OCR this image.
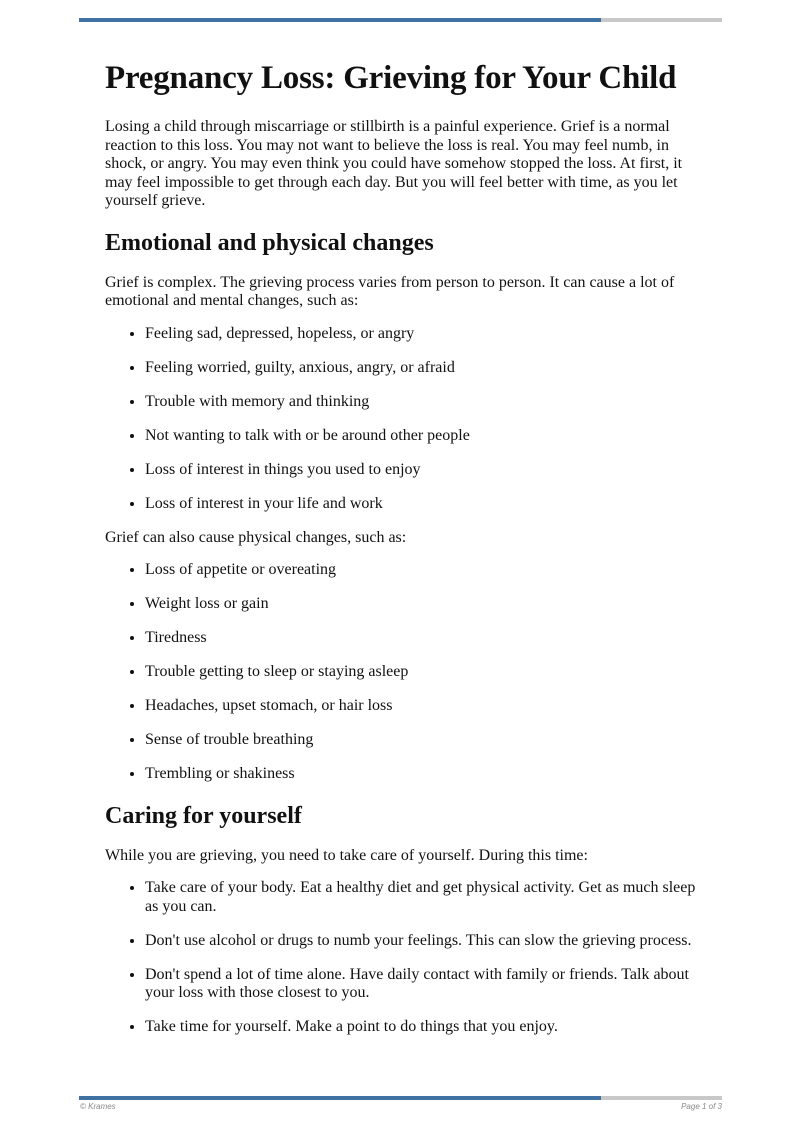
Pregnancy Loss: Grieving for Your Child

Losing a child through miscarriage or stillbirth is a painful experience. Grief is a normal reaction to this loss. You may not want to believe the loss is real. You may feel numb, in shock, or angry. You may even think you could have somehow stopped the loss. At first, it may feel impossible to get through each day. But you will feel better with time, as you let yourself grieve.

Emotional and physical changes

Grief is complex. The grieving process varies from person to person. It can cause a lot of emotional and mental changes, such as:

• Feeling sad, depressed, hopeless, or angry
• Feeling worried, guilty, anxious, angry, or afraid
• Trouble with memory and thinking
• Not wanting to talk with or be around other people
• Loss of interest in things you used to enjoy
• Loss of interest in your life and work

Grief can also cause physical changes, such as:

• Loss of appetite or overeating
• Weight loss or gain
• Tiredness
• Trouble getting to sleep or staying asleep
• Headaches, upset stomach, or hair loss
• Sense of trouble breathing
• Trembling or shakiness
Caring for yourself

While you are grieving, you need to take care of yourself. During this time:

• Take care of your body. Eat a healthy diet and get physical activity. Get as much sleep as you can.
• Don't use alcohol or drugs to numb your feelings. This can slow the grieving process.
• Don't spend a lot of time alone. Have daily contact with family or friends. Talk about your loss with those closest to you.
• Take time for yourself. Make a point to do things that you enjoy.
© Krames	Page 1 of 3
